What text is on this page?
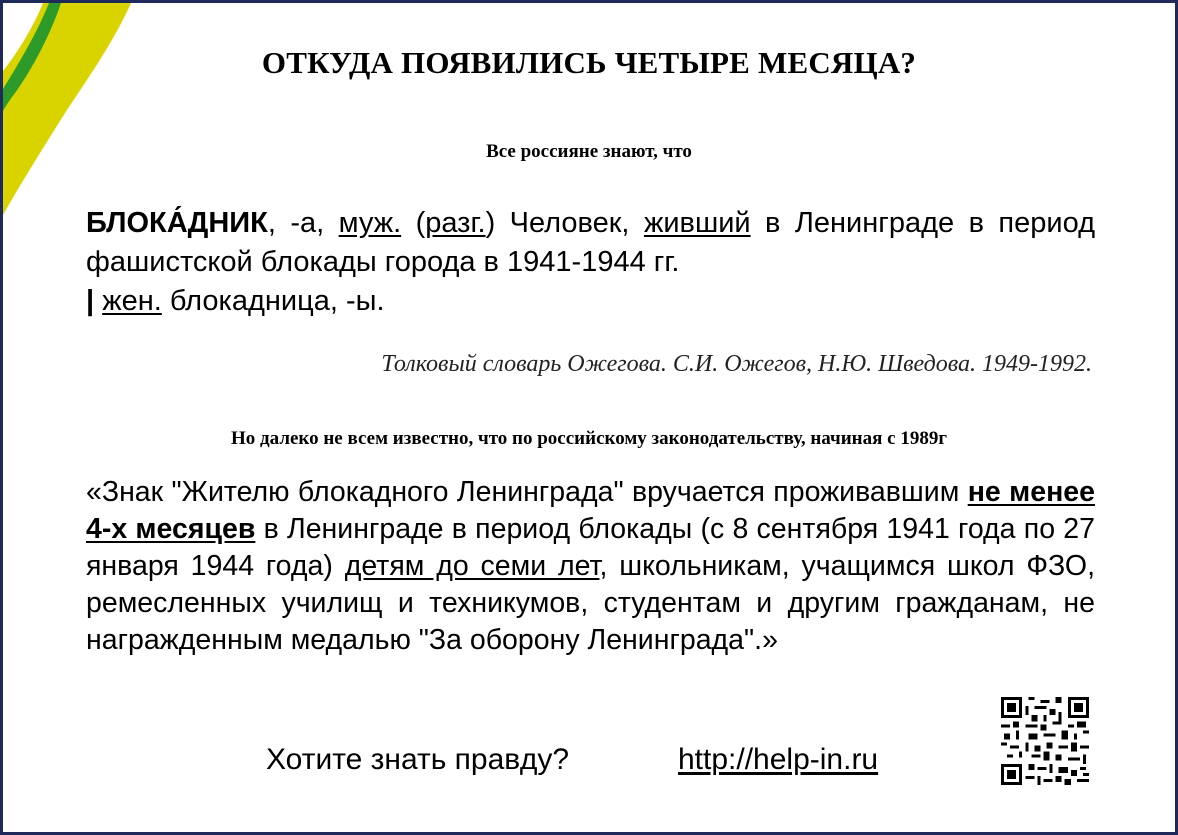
ОТКУДА ПОЯВИЛИСЬ ЧЕТЫРЕ МЕСЯЦА?
Все россияне знают, что
БЛОКА́ДНИК, -а, муж. (разг.) Человек, живший в Ленинграде в период фашистской блокады города в 1941-1944 гг.
| жен. блокадница, -ы.
Толковый словарь Ожегова. С.И. Ожегов, Н.Ю. Шведова. 1949-1992.
Но далеко не всем известно, что по российскому законодательству, начиная с 1989г
«Знак "Жителю блокадного Ленинграда" вручается проживавшим не менее 4-х месяцев в Ленинграде в период блокады (с 8 сентября 1941 года по 27 января 1944 года) детям до семи лет, школьникам, учащимся школ ФЗО, ремесленных училищ и техникумов, студентам и другим гражданам, не награжденным медалью "За оборону Ленинграда".»
Хотите знать правду?	http://help-in.ru
